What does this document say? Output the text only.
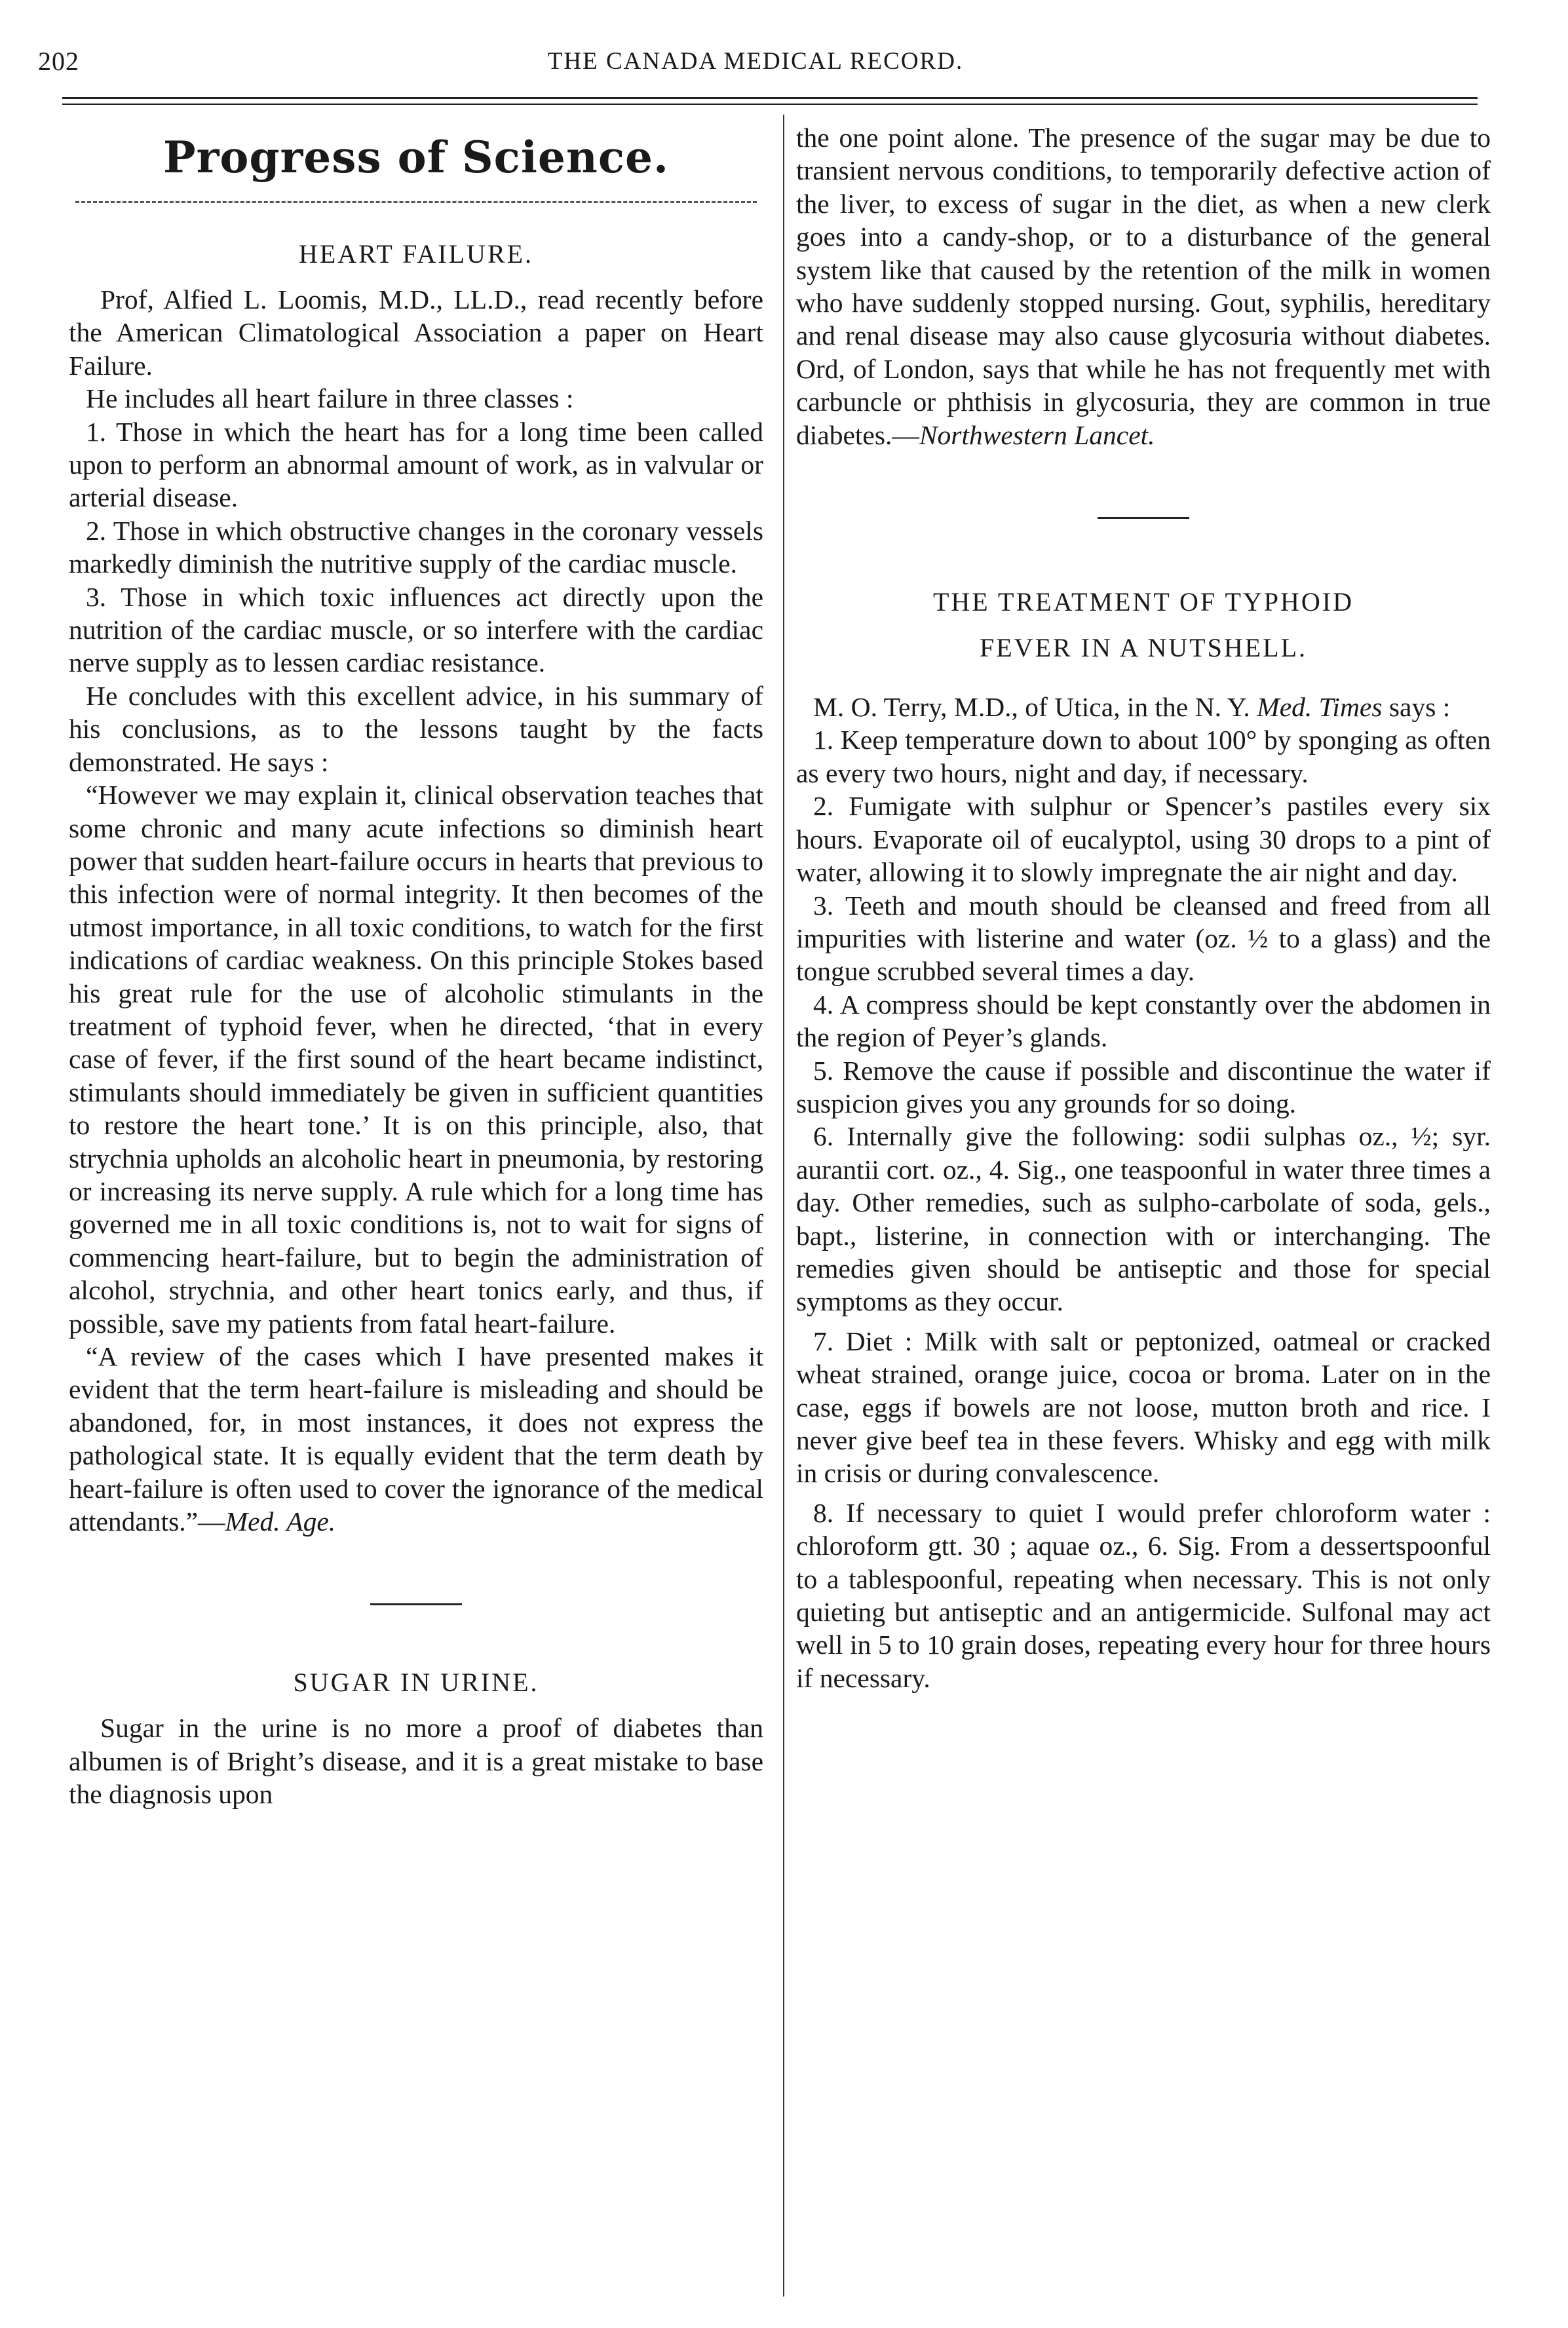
202	THE CANADA MEDICAL RECORD.
Progress of Science.
HEART FAILURE.

Prof, Alfied L. Loomis, M.D., LL.D., read recently before the American Climatological Association a paper on Heart Failure.

He includes all heart failure in three classes :

1. Those in which the heart has for a long time been called upon to perform an abnormal amount of work, as in valvular or arterial disease.

2. Those in which obstructive changes in the coronary vessels markedly diminish the nutritive supply of the cardiac muscle.

3. Those in which toxic influences act directly upon the nutrition of the cardiac muscle, or so interfere with the cardiac nerve supply as to lessen cardiac resistance.

He concludes with this excellent advice, in his summary of his conclusions, as to the lessons taught by the facts demonstrated. He says :

“However we may explain it, clinical observation teaches that some chronic and many acute infections so diminish heart power that sudden heart-failure occurs in hearts that previous to this infection were of normal integrity. It then becomes of the utmost importance, in all toxic conditions, to watch for the first indications of cardiac weakness. On this principle Stokes based his great rule for the use of alcoholic stimulants in the treatment of typhoid fever, when he directed, ‘that in every case of fever, if the first sound of the heart became indistinct, stimulants should immediately be given in sufficient quantities to restore the heart tone.’ It is on this principle, also, that strychnia upholds an alcoholic heart in pneumonia, by restoring or increasing its nerve supply. A rule which for a long time has governed me in all toxic conditions is, not to wait for signs of commencing heart-failure, but to begin the administration of alcohol, strychnia, and other heart tonics early, and thus, if possible, save my patients from fatal heart-failure.

“A review of the cases which I have presented makes it evident that the term heart-failure is misleading and should be abandoned, for, in most instances, it does not express the pathological state. It is equally evident that the term death by heart-failure is often used to cover the ignorance of the medical attendants.”—Med. Age.

SUGAR IN URINE.

Sugar in the urine is no more a proof of diabetes than albumen is of Bright’s disease, and it is a great mistake to base the diagnosis upon

the one point alone. The presence of the sugar may be due to transient nervous conditions, to temporarily defective action of the liver, to excess of sugar in the diet, as when a new clerk goes into a candy-shop, or to a disturbance of the general system like that caused by the retention of the milk in women who have suddenly stopped nursing. Gout, syphilis, hereditary and renal disease may also cause glycosuria without diabetes. Ord, of London, says that while he has not frequently met with carbuncle or phthisis in glycosuria, they are common in true diabetes.—Northwestern Lancet.

THE TREATMENT OF TYPHOID
FEVER IN A NUTSHELL.

M. O. Terry, M.D., of Utica, in the N. Y. Med. Times says :

1. Keep temperature down to about 100° by sponging as often as every two hours, night and day, if necessary.

2. Fumigate with sulphur or Spencer’s pastiles every six hours. Evaporate oil of eucalyptol, using 30 drops to a pint of water, allowing it to slowly impregnate the air night and day.

3. Teeth and mouth should be cleansed and freed from all impurities with listerine and water (oz. ½ to a glass) and the tongue scrubbed several times a day.

4. A compress should be kept constantly over the abdomen in the region of Peyer’s glands.

5. Remove the cause if possible and discontinue the water if suspicion gives you any grounds for so doing.

6. Internally give the following: sodii sulphas oz., ½; syr. aurantii cort. oz., 4. Sig., one teaspoonful in water three times a day. Other remedies, such as sulpho-carbolate of soda, gels., bapt., listerine, in connection with or interchanging. The remedies given should be antiseptic and those for special symptoms as they occur.

7. Diet : Milk with salt or peptonized, oatmeal or cracked wheat strained, orange juice, cocoa or broma. Later on in the case, eggs if bowels are not loose, mutton broth and rice. I never give beef tea in these fevers. Whisky and egg with milk in crisis or during convalescence.

8. If necessary to quiet I would prefer chloroform water : chloroform gtt. 30 ; aquae oz., 6. Sig. From a dessertspoonful to a tablespoonful, repeating when necessary. This is not only quieting but antiseptic and an antigermicide. Sulfonal may act well in 5 to 10 grain doses, repeating every hour for three hours if necessary.
